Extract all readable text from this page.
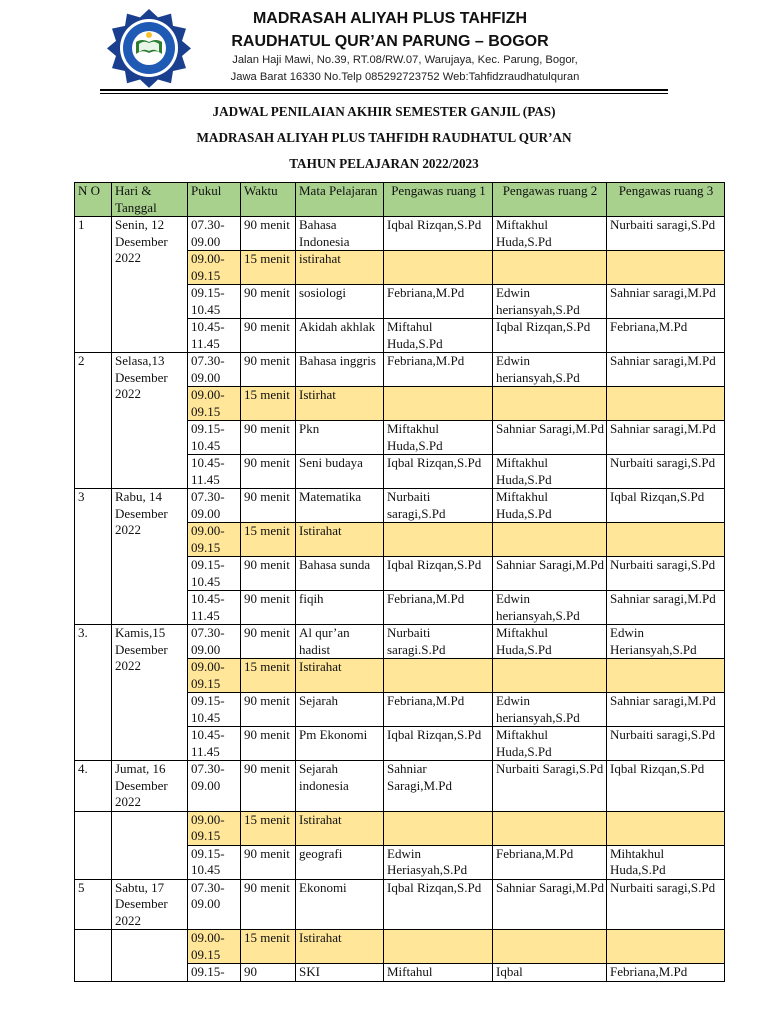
MADRASAH ALIYAH PLUS TAHFIZH
RAUDHATUL QUR’AN PARUNG – BOGOR
Jalan Haji Mawi, No.39, RT.08/RW.07, Warujaya, Kec. Parung, Bogor,
Jawa Barat 16330 No.Telp 085292723752 Web:Tahfidzraudhatulquran
JADWAL PENILAIAN AKHIR SEMESTER GANJIL (PAS)
MADRASAH ALIYAH PLUS TAHFIDH RAUDHATUL QUR’AN
TAHUN PELAJARAN 2022/2023
N O	Hari & Tanggal	Pukul	Waktu	Mata Pelajaran	Pengawas ruang 1	Pengawas ruang 2	Pengawas ruang 3
1	Senin, 12 Desember 2022	07.30-09.00	90 menit	Bahasa Indonesia	Iqbal Rizqan,S.Pd	Miftakhul Huda,S.Pd	Nurbaiti saragi,S.Pd
		09.00-09.15	15 menit	istirahat			
		09.15-10.45	90 menit	sosiologi	Febriana,M.Pd	Edwin heriansyah,S.Pd	Sahniar saragi,M.Pd
		10.45-11.45	90 menit	Akidah akhlak	Miftahul Huda,S.Pd	Iqbal Rizqan,S.Pd	Febriana,M.Pd
2	Selasa,13 Desember 2022	07.30-09.00	90 menit	Bahasa inggris	Febriana,M.Pd	Edwin heriansyah,S.Pd	Sahniar saragi,M.Pd
		09.00-09.15	15 menit	Istirhat			
		09.15-10.45	90 menit	Pkn	Miftakhul Huda,S.Pd	Sahniar Saragi,M.Pd	Sahniar saragi,M.Pd
		10.45-11.45	90 menit	Seni budaya	Iqbal Rizqan,S.Pd	Miftakhul Huda,S.Pd	Nurbaiti saragi,S.Pd
3	Rabu, 14 Desember 2022	07.30-09.00	90 menit	Matematika	Nurbaiti saragi,S.Pd	Miftakhul Huda,S.Pd	Iqbal Rizqan,S.Pd
		09.00-09.15	15 menit	Istirahat			
		09.15-10.45	90 menit	Bahasa sunda	Iqbal Rizqan,S.Pd	Sahniar Saragi,M.Pd	Nurbaiti saragi,S.Pd
		10.45-11.45	90 menit	fiqih	Febriana,M.Pd	Edwin heriansyah,S.Pd	Sahniar saragi,M.Pd
3.	Kamis,15 Desember 2022	07.30-09.00	90 menit	Al qur’an hadist	Nurbaiti saragi.S.Pd	Miftakhul Huda,S.Pd	Edwin Heriansyah,S.Pd
		09.00-09.15	15 menit	Istirahat			
		09.15-10.45	90 menit	Sejarah	Febriana,M.Pd	Edwin heriansyah,S.Pd	Sahniar saragi,M.Pd
		10.45-11.45	90 menit	Pm Ekonomi	Iqbal Rizqan,S.Pd	Miftakhul Huda,S.Pd	Nurbaiti saragi,S.Pd
4.	Jumat, 16 Desember 2022	07.30-09.00	90 menit	Sejarah indonesia	Sahniar Saragi,M.Pd	Nurbaiti Saragi,S.Pd	Iqbal Rizqan,S.Pd
		09.00-09.15	15 menit	Istirahat			
		09.15-10.45	90 menit	geografi	Edwin Heriasyah,S.Pd	Febriana,M.Pd	Mihtakhul Huda,S.Pd
5	Sabtu, 17 Desember 2022	07.30-09.00	90 menit	Ekonomi	Iqbal Rizqan,S.Pd	Sahniar Saragi,M.Pd	Nurbaiti saragi,S.Pd
		09.00-09.15	15 menit	Istirahat			
		09.15-	90	SKI	Miftahul	Iqbal	Febriana,M.Pd
